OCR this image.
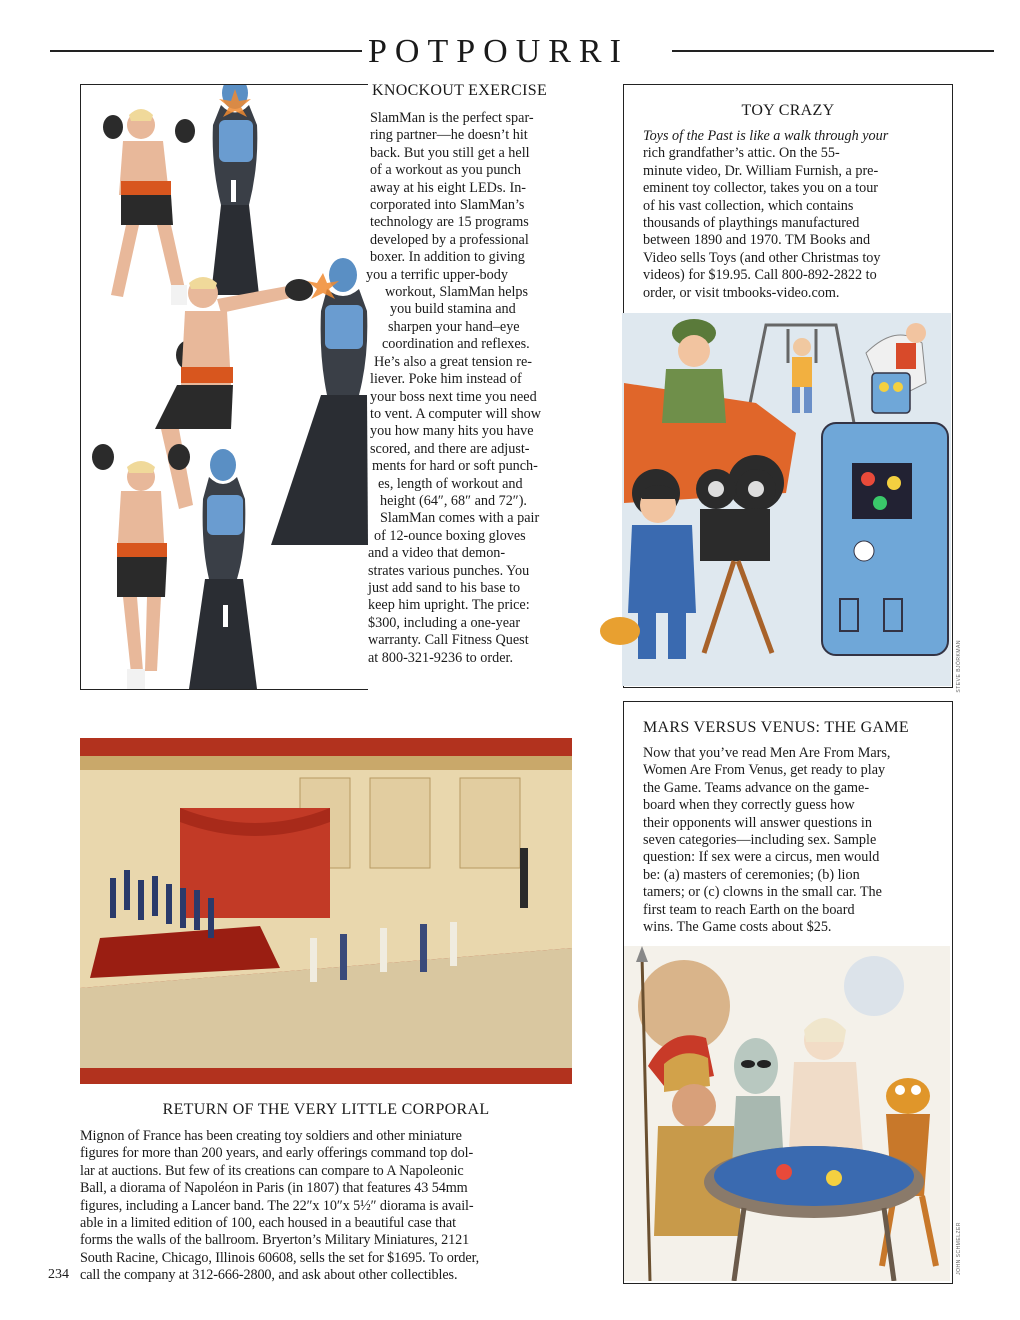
POTPOURRI
KNOCKOUT EXERCISE
SlamMan is the perfect spar-
ring partner—he doesn’t hit
back. But you still get a hell
of a workout as you punch
away at his eight LEDs. In-
corporated into SlamMan’s
technology are 15 programs
developed by a professional
boxer. In addition to giving
you a terrific upper-body
workout, SlamMan helps
you build stamina and
sharpen your hand–eye
coordination and reflexes.
He’s also a great tension re-
liever. Poke him instead of
your boss next time you need
to vent. A computer will show
you how many hits you have
scored, and there are adjust-
ments for hard or soft punch-
es, length of workout and
height (64″, 68″ and 72″).
SlamMan comes with a pair
of 12-ounce boxing gloves
and a video that demon-
strates various punches. You
just add sand to his base to
keep him upright. The price:
$300, including a one-year
warranty. Call Fitness Quest
at 800-321-9236 to order.
TOY CRAZY
Toys of the Past is like a walk through your
rich grandfather’s attic. On the 55-
minute video, Dr. William Furnish, a pre-
eminent toy collector, takes you on a tour
of his vast collection, which contains
thousands of playthings manufactured
between 1890 and 1970. TM Books and
Video sells Toys (and other Christmas toy
videos) for $19.95. Call 800-892-2822 to
order, or visit tmbooks-video.com.
STEVE BJÖRKMAN
MARS VERSUS VENUS: THE GAME
Now that you’ve read Men Are From Mars,
Women Are From Venus, get ready to play
the Game. Teams advance on the game-
board when they correctly guess how
their opponents will answer questions in
seven categories—including sex. Sample
question: If sex were a circus, men would
be: (a) masters of ceremonies; (b) lion
tamers; or (c) clowns in the small car. The
first team to reach Earth on the board
wins. The Game costs about $25.
JOHN SCHMELZER
RETURN OF THE VERY LITTLE CORPORAL
Mignon of France has been creating toy soldiers and other miniature
figures for more than 200 years, and early offerings command top dol-
lar at auctions. But few of its creations can compare to A Napoleonic
Ball, a diorama of Napoléon in Paris (in 1807) that features 43 54mm
figures, including a Lancer band. The 22″x 10″x 5½″ diorama is avail-
able in a limited edition of 100, each housed in a beautiful case that
forms the walls of the ballroom. Bryerton’s Military Miniatures, 2121
South Racine, Chicago, Illinois 60608, sells the set for $1695. To order,
call the company at 312-666-2800, and ask about other collectibles.
234
